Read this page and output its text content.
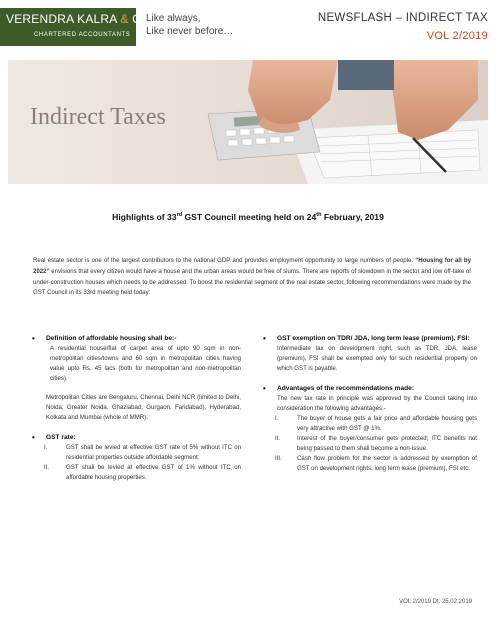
VERENDRA KALRA & CO
CHARTERED ACCOUNTANTS
Like always,
Like never before…
NEWSFLASH – INDIRECT TAX
VOL 2/2019
Indirect Taxes
Highlights of 33rd GST Council meeting held on 24th February, 2019
Real estate sector is one of the largest contributors to the national GDP and provides employment opportunity to large numbers of people. “Housing for all by 2022” envisions that every citizen would have a house and the urban areas would be free of slums. There are reports of slowdown in the sector and low off-take of under-construction houses which needs to be addressed. To boost the residential segment of the real estate sector, following recommendations were made by the GST Council in its 33rd meeting held today:
• Definition of affordable housing shall be:-
A residential house/flat of carpet area of upto 90 sqm in non-metropolitan cities/towns and 60 sqm in metropolitan cities having value upto Rs. 45 lacs (both for metropolitan and non-metropolitan cities).
Metropolitan Cities are Bengaluru, Chennai, Delhi NCR (limited to Delhi, Noida, Greater Noida, Ghaziabad, Gurgaon, Faridabad), Hyderabad, Kolkata and Mumbai (whole of MMR).
• GST rate:
I.	GST shall be levied at effective GST rate of 5% without ITC on residential properties outside affordable segment;
II.	GST shall be levied at effective GST of 1% without ITC on affordable housing properties.
• GST exemption on TDR/ JDA, long term lease (premium), FSI:
Intermediate tax on development right, such as TDR, JDA, lease (premium), FSI shall be exempted only for such residential property on which GST is payable.
• Advantages of the recommendations made:
The new tax rate in principle was approved by the Council taking into consideration the following advantages:-
I.	The buyer of house gets a fair price and affordable housing gets very attractive with GST @ 1%.
II.	Interest of the buyer/consumer gets protected; ITC benefits not being passed to them shall become a non-issue.
III.	Cash flow problem for the sector is addressed by exemption of GST on development rights, long term lease (premium), FSI etc.
VOL 2/2019 Dt. 25.02.2019
